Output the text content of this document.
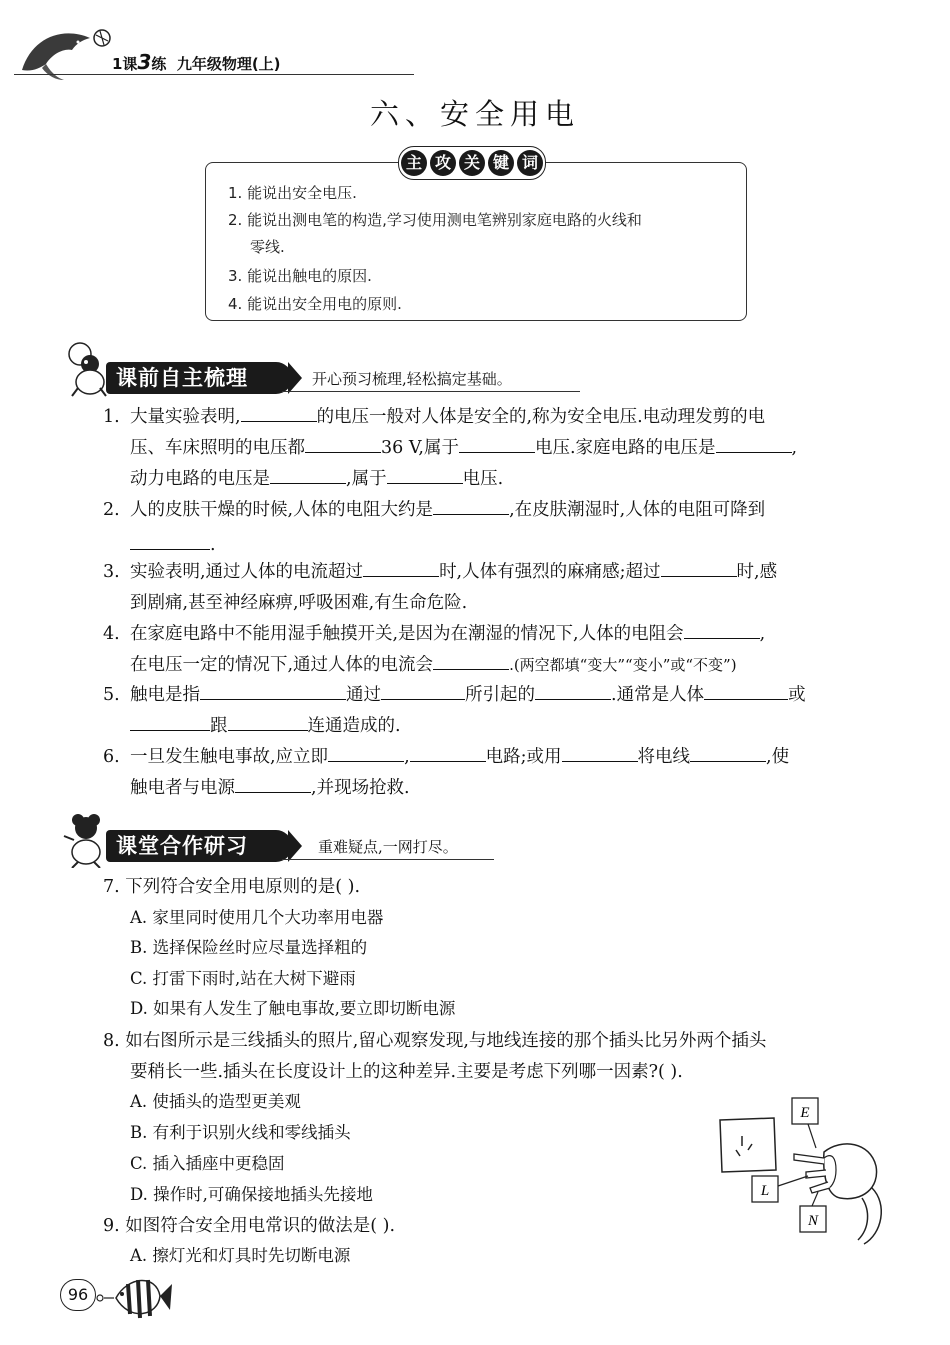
1课3练 九年级物理(上)
六、安全用电
主 攻 关 键 词
1. 能说出安全电压.
2. 能说出测电笔的构造,学习使用测电笔辨别家庭电路的火线和
零线.
3. 能说出触电的原因.
4. 能说出安全用电的原则.
课前自主梳理	开心预习梳理,轻松搞定基础。
1. 大量实验表明,	的电压一般对人体是安全的,称为安全电压.电动理发剪的电
压、车床照明的电压都	36 V,属于	电压.家庭电路的电压是	,
动力电路的电压是	,属于	电压.
2. 人的皮肤干燥的时候,人体的电阻大约是	,在皮肤潮湿时,人体的电阻可降到
.
3. 实验表明,通过人体的电流超过	时,人体有强烈的麻痛感;超过	时,感
到剧痛,甚至神经麻痹,呼吸困难,有生命危险.
4. 在家庭电路中不能用湿手触摸开关,是因为在潮湿的情况下,人体的电阻会	,
在电压一定的情况下,通过人体的电流会	.(两空都填“变大”“变小”或“不变”)
5. 触电是指	通过	所引起的	.通常是人体	或
跟	连通造成的.
6. 一旦发生触电事故,应立即	,	电路;或用	将电线	,使
触电者与电源	,并现场抢救.
课堂合作研习	重难疑点,一网打尽。
7. 下列符合安全用电原则的是( ).
A. 家里同时使用几个大功率用电器
B. 选择保险丝时应尽量选择粗的
C. 打雷下雨时,站在大树下避雨
D. 如果有人发生了触电事故,要立即切断电源
8. 如右图所示是三线插头的照片,留心观察发现,与地线连接的那个插头比另外两个插头
要稍长一些.插头在长度设计上的这种差异.主要是考虑下列哪一因素?( ).
A. 使插头的造型更美观
B. 有利于识别火线和零线插头
C. 插入插座中更稳固
D. 操作时,可确保接地插头先接地
E
L
N
9. 如图符合安全用电常识的做法是( ).
A. 擦灯光和灯具时先切断电源
96
